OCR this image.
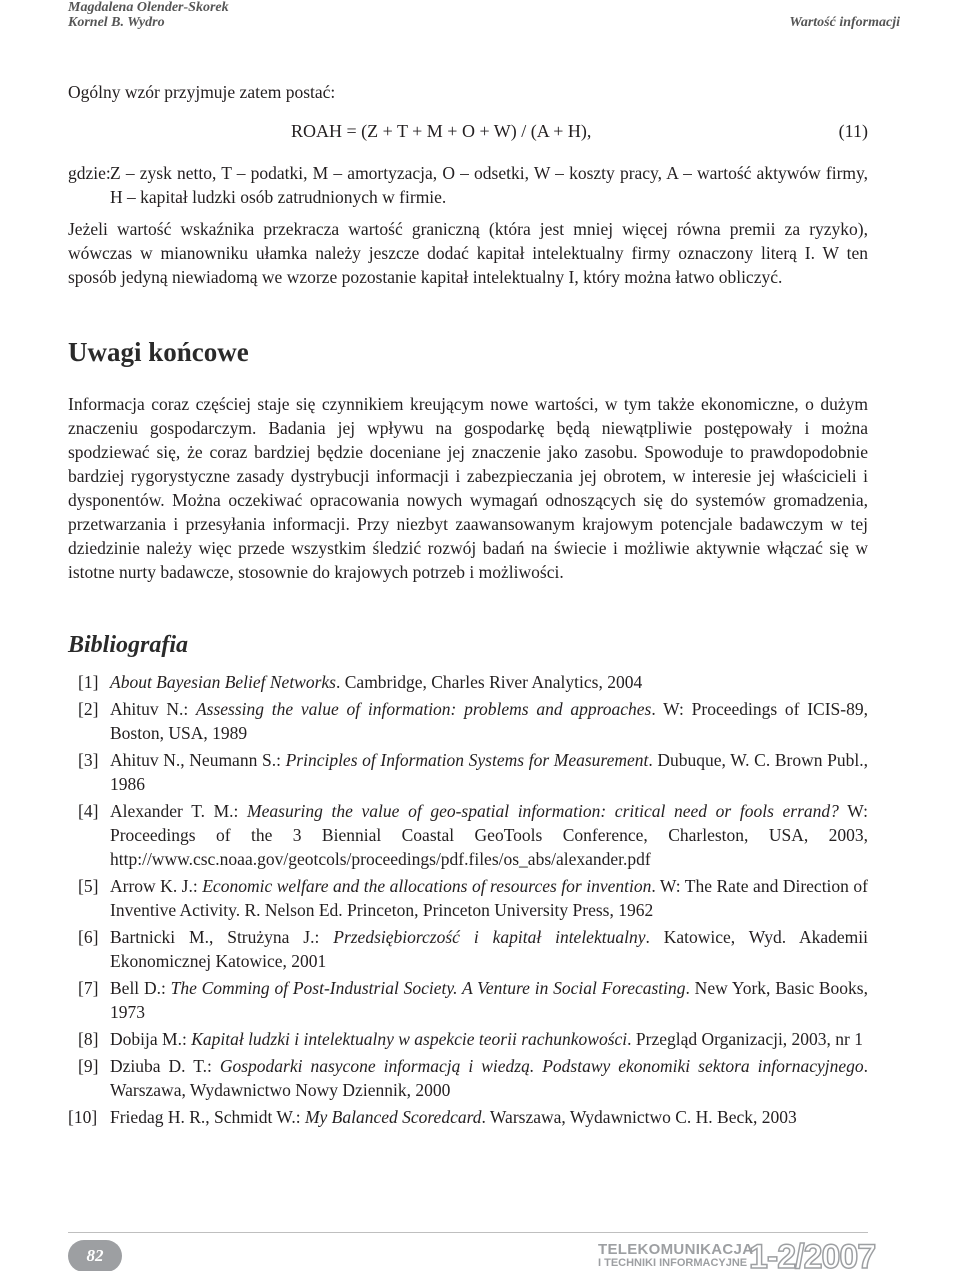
Magdalena Olender-Skorek
Kornel B. Wydro	Wartość informacji

Ogólny wzór przyjmuje zatem postać:

ROAH = (Z + T + M + O + W) / (A + H),	(11)
gdzie: Z – zysk netto, T – podatki, M – amortyzacja, O – odsetki, W – koszty pracy, A – wartość aktywów firmy, H – kapitał ludzki osób zatrudnionych w firmie.

Jeżeli wartość wskaźnika przekracza wartość graniczną (która jest mniej więcej równa premii za ryzyko), wówczas w mianowniku ułamka należy jeszcze dodać kapitał intelektualny firmy oznaczony literą I. W ten sposób jedyną niewiadomą we wzorze pozostanie kapitał intelektualny I, który można łatwo obliczyć.

Uwagi końcowe

Informacja coraz częściej staje się czynnikiem kreującym nowe wartości, w tym także ekonomiczne, o dużym znaczeniu gospodarczym. Badania jej wpływu na gospodarkę będą niewątpliwie postępowały i można spodziewać się, że coraz bardziej będzie doceniane jej znaczenie jako zasobu. Spowoduje to prawdopodobnie bardziej rygorystyczne zasady dystrybucji informacji i zabezpieczania jej obrotem, w interesie jej właścicieli i dysponentów. Można oczekiwać opracowania nowych wymagań odnoszących się do systemów gromadzenia, przetwarzania i przesyłania informacji. Przy niezbyt zaawansowanym krajowym potencjale badawczym w tej dziedzinie należy więc przede wszystkim śledzić rozwój badań na świecie i możliwie aktywnie włączać się w istotne nurty badawcze, stosownie do krajowych potrzeb i możliwości.

Bibliografia
[1] About Bayesian Belief Networks. Cambridge, Charles River Analytics, 2004
[2] Ahituv N.: Assessing the value of information: problems and approaches. W: Proceedings of ICIS-89, Boston, USA, 1989
[3] Ahituv N., Neumann S.: Principles of Information Systems for Measurement. Dubuque, W. C. Brown Publ., 1986
[4] Alexander T. M.: Measuring the value of geo-spatial information: critical need or fools errand? W: Proceedings of the 3 Biennial Coastal GeoTools Conference, Charleston, USA, 2003, http://www.csc.noaa.gov/geotcols/proceedings/pdf.files/os_abs/alexander.pdf
[5] Arrow K. J.: Economic welfare and the allocations of resources for invention. W: The Rate and Direction of Inventive Activity. R. Nelson Ed. Princeton, Princeton University Press, 1962
[6] Bartnicki M., Strużyna J.: Przedsiębiorczość i kapitał intelektualny. Katowice, Wyd. Akademii Ekonomicznej Katowice, 2001
[7] Bell D.: The Comming of Post-Industrial Society. A Venture in Social Forecasting. New York, Basic Books, 1973
[8] Dobija M.: Kapitał ludzki i intelektualny w aspekcie teorii rachunkowości. Przegląd Organizacji, 2003, nr 1
[9] Dziuba D. T.: Gospodarki nasycone informacją i wiedzą. Podstawy ekonomiki sektora infornacyjnego. Warszawa, Wydawnictwo Nowy Dziennik, 2000
[10] Friedag H. R., Schmidt W.: My Balanced Scoredcard. Warszawa, Wydawnictwo C. H. Beck, 2003
82	TELEKOMUNIKACJA
I TECHNIKI INFORMACYJNE 1-2/2007
